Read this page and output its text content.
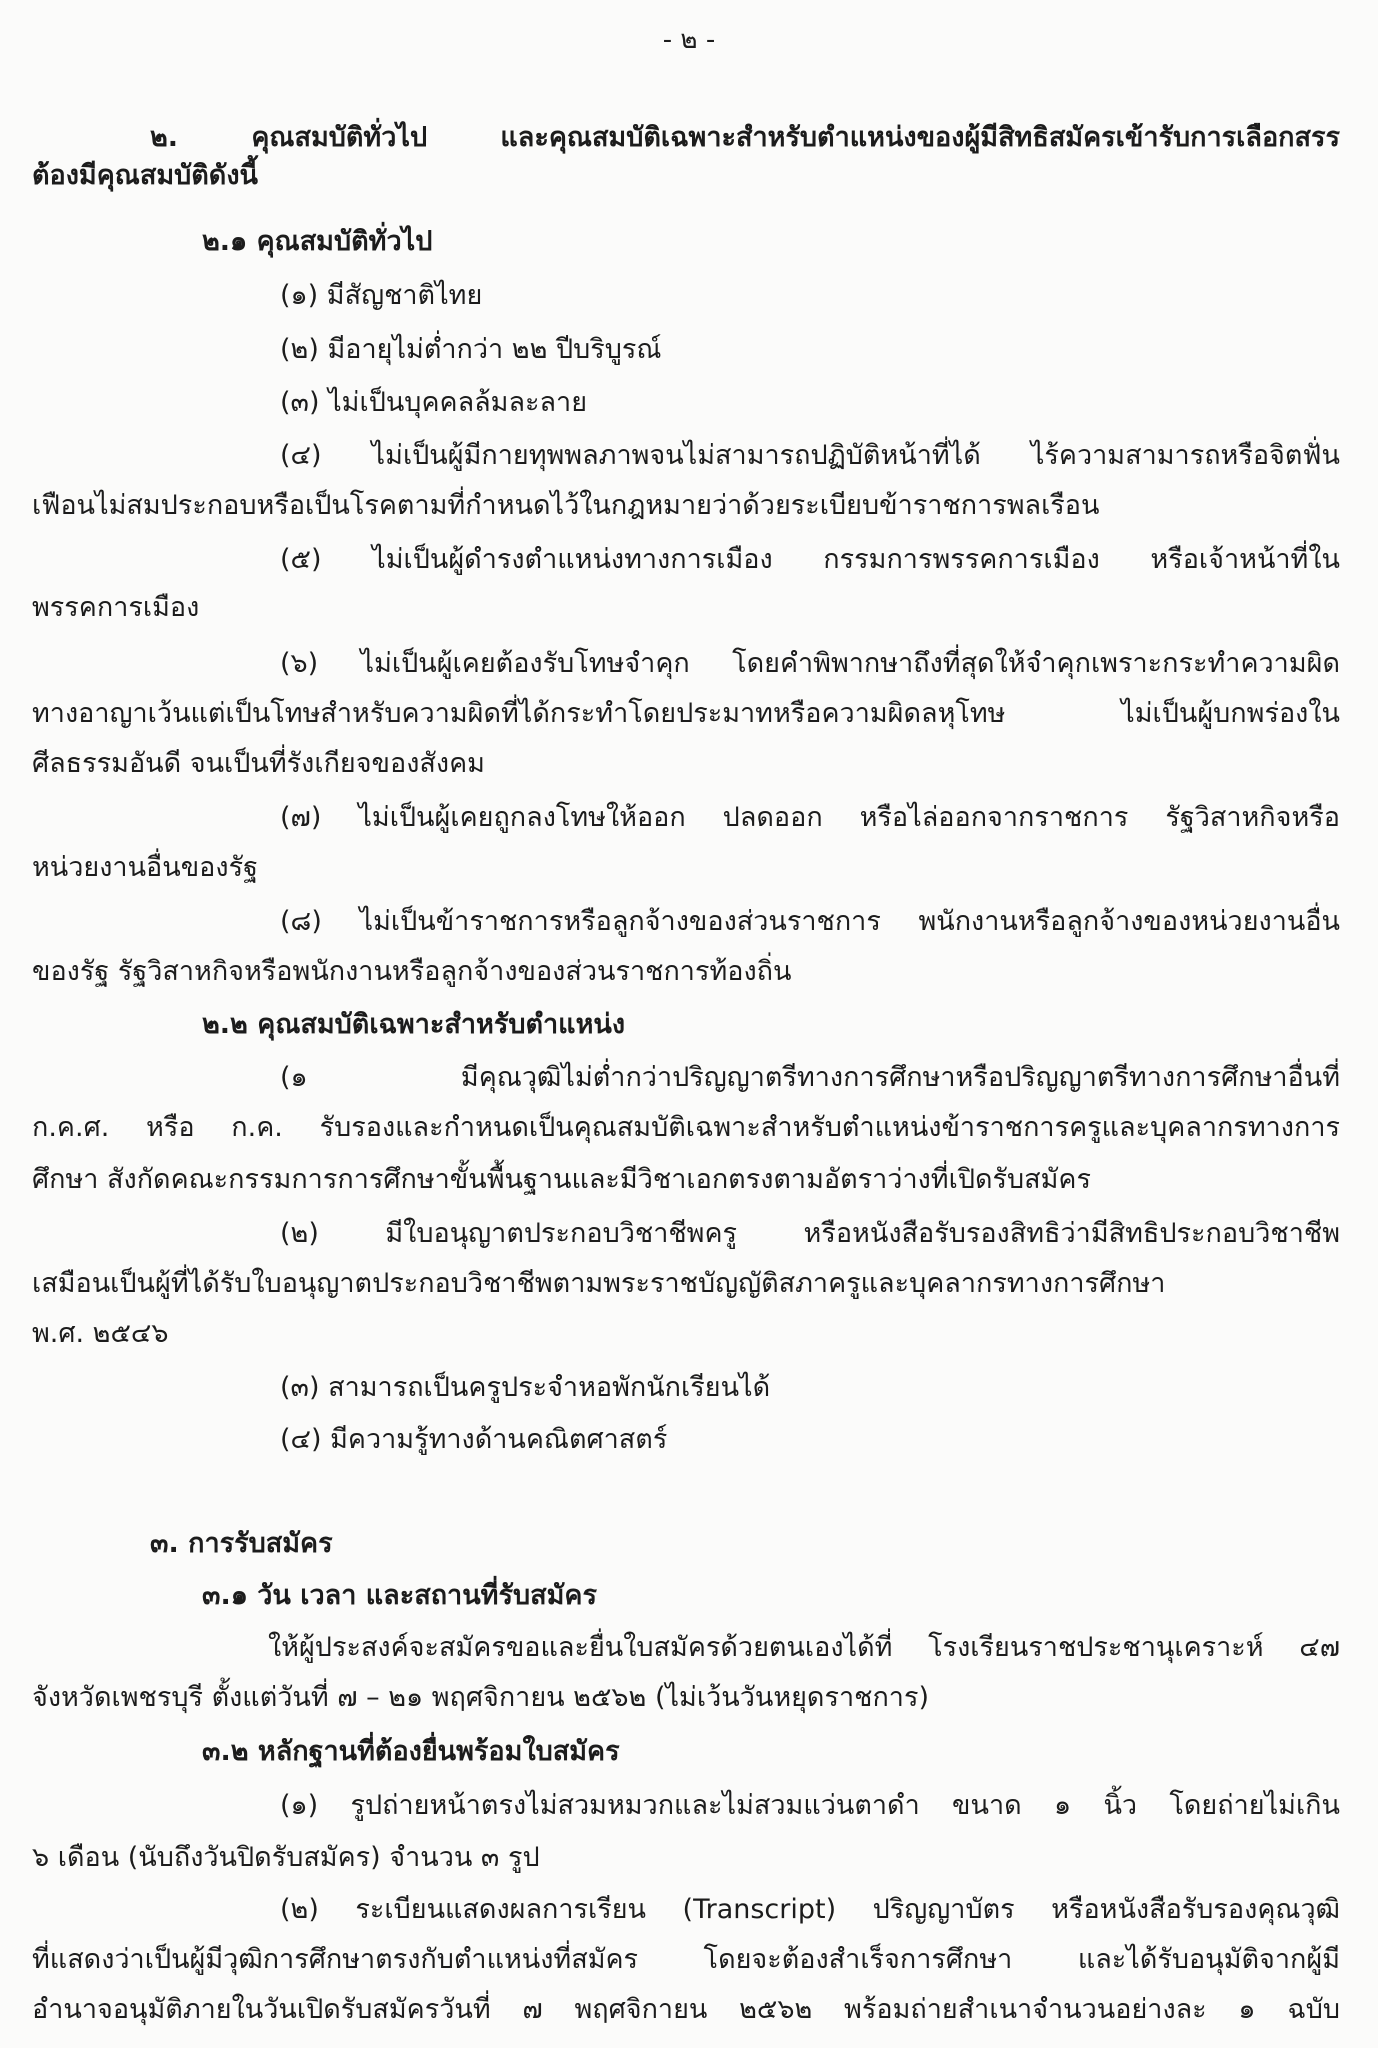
- ๒ -
๒. คุณสมบัติทั่วไป และคุณสมบัติเฉพาะสำหรับตำแหน่งของผู้มีสิทธิสมัครเข้ารับการเลือกสรร
ต้องมีคุณสมบัติดังนี้
๒.๑ คุณสมบัติทั่วไป
(๑) มีสัญชาติไทย
(๒) มีอายุไม่ต่ำกว่า ๒๒ ปีบริบูรณ์
(๓) ไม่เป็นบุคคลล้มละลาย
(๔) ไม่เป็นผู้มีกายทุพพลภาพจนไม่สามารถปฏิบัติหน้าที่ได้ ไร้ความสามารถหรือจิตฟั่น
เฟือนไม่สมประกอบหรือเป็นโรคตามที่กำหนดไว้ในกฎหมายว่าด้วยระเบียบข้าราชการพลเรือน
(๕) ไม่เป็นผู้ดำรงตำแหน่งทางการเมือง กรรมการพรรคการเมือง หรือเจ้าหน้าที่ใน
พรรคการเมือง
(๖) ไม่เป็นผู้เคยต้องรับโทษจำคุก โดยคำพิพากษาถึงที่สุดให้จำคุกเพราะกระทำความผิด
ทางอาญาเว้นแต่เป็นโทษสำหรับความผิดที่ได้กระทำโดยประมาทหรือความผิดลหุโทษ ไม่เป็นผู้บกพร่องใน
ศีลธรรมอันดี จนเป็นที่รังเกียจของสังคม
(๗) ไม่เป็นผู้เคยถูกลงโทษให้ออก ปลดออก หรือไล่ออกจากราชการ รัฐวิสาหกิจหรือ
หน่วยงานอื่นของรัฐ
(๘) ไม่เป็นข้าราชการหรือลูกจ้างของส่วนราชการ พนักงานหรือลูกจ้างของหน่วยงานอื่น
ของรัฐ รัฐวิสาหกิจหรือพนักงานหรือลูกจ้างของส่วนราชการท้องถิ่น
๒.๒ คุณสมบัติเฉพาะสำหรับตำแหน่ง
(๑ มีคุณวุฒิไม่ต่ำกว่าปริญญาตรีทางการศึกษาหรือปริญญาตรีทางการศึกษาอื่นที่
ก.ค.ศ. หรือ ก.ค. รับรองและกำหนดเป็นคุณสมบัติเฉพาะสำหรับตำแหน่งข้าราชการครูและบุคลากรทางการ
ศึกษา สังกัดคณะกรรมการการศึกษาขั้นพื้นฐานและมีวิชาเอกตรงตามอัตราว่างที่เปิดรับสมัคร
(๒) มีใบอนุญาตประกอบวิชาชีพครู หรือหนังสือรับรองสิทธิว่ามีสิทธิประกอบวิชาชีพ
เสมือนเป็นผู้ที่ได้รับใบอนุญาตประกอบวิชาชีพตามพระราชบัญญัติสภาครูและบุคลากรทางการศึกษา
พ.ศ. ๒๕๔๖
(๓) สามารถเป็นครูประจำหอพักนักเรียนได้
(๔) มีความรู้ทางด้านคณิตศาสตร์
๓. การรับสมัคร
๓.๑ วัน เวลา และสถานที่รับสมัคร
ให้ผู้ประสงค์จะสมัครขอและยื่นใบสมัครด้วยตนเองได้ที่ โรงเรียนราชประชานุเคราะห์ ๔๗
จังหวัดเพชรบุรี ตั้งแต่วันที่ ๗ – ๒๑ พฤศจิกายน ๒๕๖๒ (ไม่เว้นวันหยุดราชการ)
๓.๒ หลักฐานที่ต้องยื่นพร้อมใบสมัคร
(๑) รูปถ่ายหน้าตรงไม่สวมหมวกและไม่สวมแว่นตาดำ ขนาด ๑ นิ้ว โดยถ่ายไม่เกิน
๖ เดือน (นับถึงวันปิดรับสมัคร) จำนวน ๓ รูป
(๒) ระเบียนแสดงผลการเรียน (Transcript) ปริญญาบัตร หรือหนังสือรับรองคุณวุฒิ
ที่แสดงว่าเป็นผู้มีวุฒิการศึกษาตรงกับตำแหน่งที่สมัคร โดยจะต้องสำเร็จการศึกษา และได้รับอนุมัติจากผู้มี
อำนาจอนุมัติภายในวันเปิดรับสมัครวันที่ ๗ พฤศจิกายน ๒๕๖๒ พร้อมถ่ายสำเนาจำนวนอย่างละ ๑ ฉบับ
